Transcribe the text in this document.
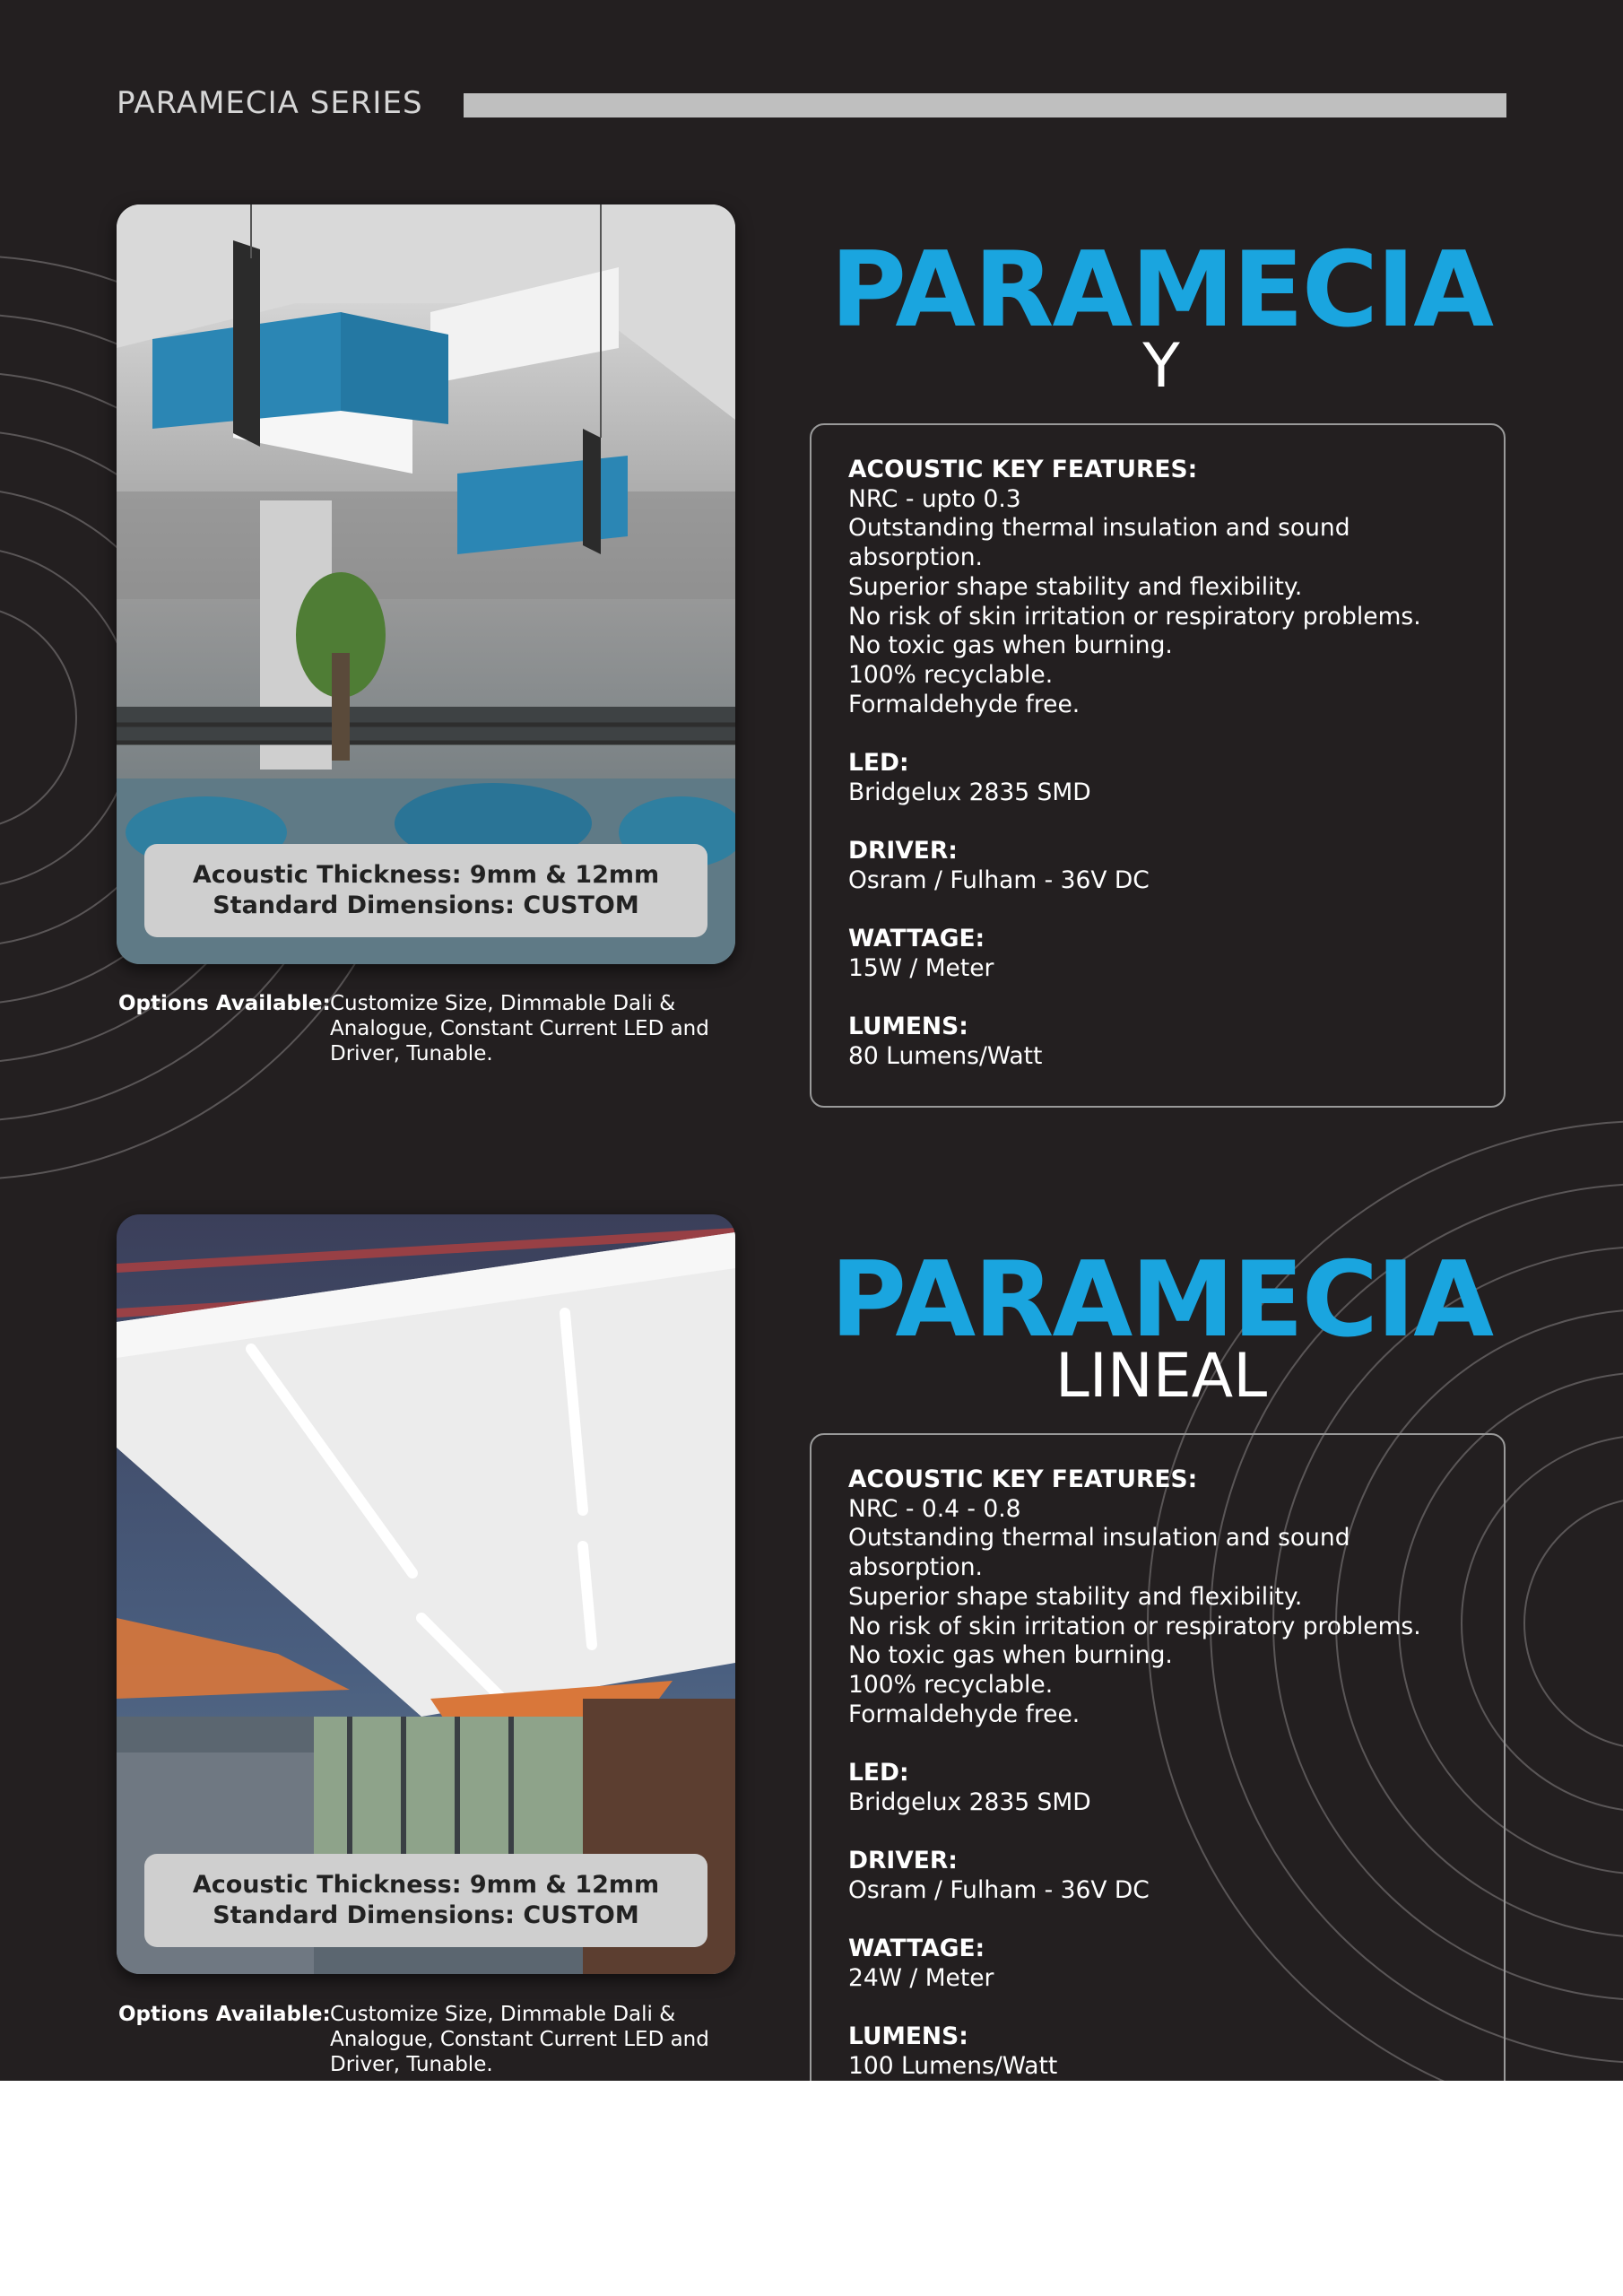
PARAMECIA SERIES
Acoustic Thickness: 9mm & 12mm
Standard Dimensions: CUSTOM
Options Available: Customize Size, Dimmable Dali & Analogue, Constant Current LED and Driver, Tunable.
PARAMECIA
Y
ACOUSTIC KEY FEATURES:
NRC - upto 0.3
Outstanding thermal insulation and sound absorption.
Superior shape stability and flexibility.
No risk of skin irritation or respiratory problems.
No toxic gas when burning.
100% recyclable.
Formaldehyde free.
LED:
Bridgelux 2835 SMD
DRIVER:
Osram / Fulham - 36V DC
WATTAGE:
15W / Meter
LUMENS:
80 Lumens/Watt
Acoustic Thickness: 9mm & 12mm
Standard Dimensions: CUSTOM
Options Available: Customize Size, Dimmable Dali & Analogue, Constant Current LED and Driver, Tunable.
PARAMECIA
LINEAL
ACOUSTIC KEY FEATURES:
NRC - 0.4 - 0.8
Outstanding thermal insulation and sound absorption.
Superior shape stability and flexibility.
No risk of skin irritation or respiratory problems.
No toxic gas when burning.
100% recyclable.
Formaldehyde free.
LED:
Bridgelux 2835 SMD
DRIVER:
Osram / Fulham - 36V DC
WATTAGE:
24W / Meter
LUMENS:
100 Lumens/Watt
